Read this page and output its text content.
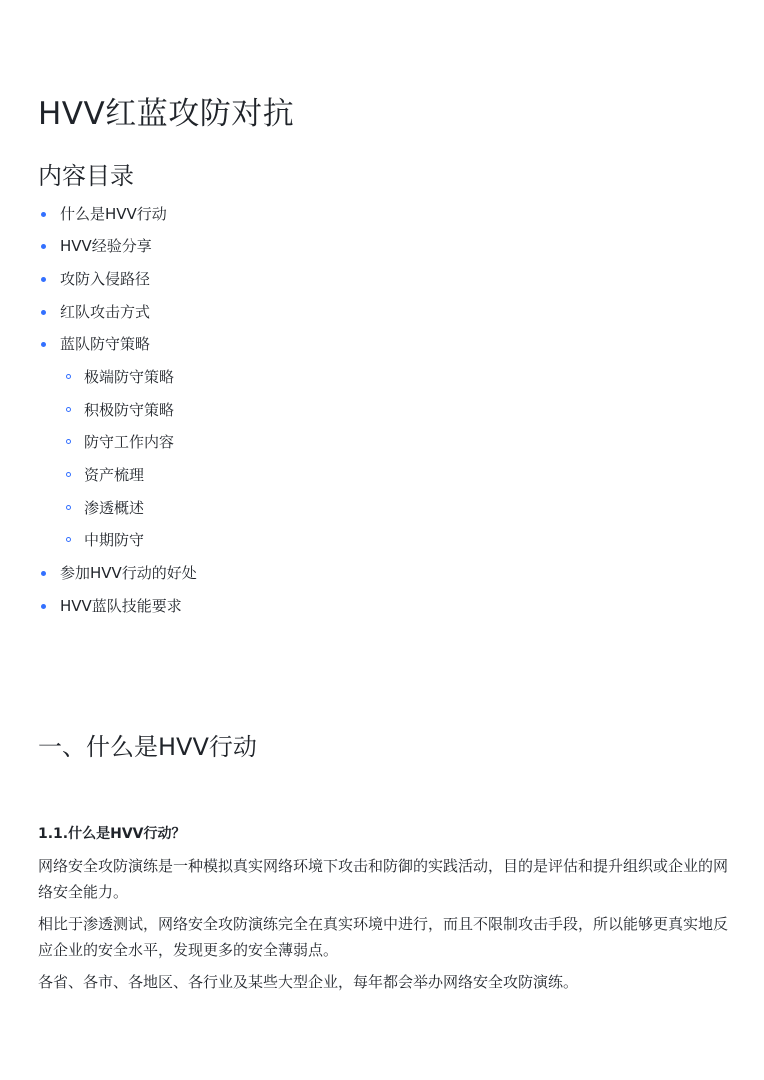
HVV红蓝攻防对抗
内容目录
什么是HVV行动
HVV经验分享
攻防入侵路径
红队攻击方式
蓝队防守策略
极端防守策略
积极防守策略
防守工作内容
资产梳理
渗透概述
中期防守
参加HVV行动的好处
HVV蓝队技能要求
一、什么是HVV行动
1.1.什么是HVV行动？

网络安全攻防演练是一种模拟真实网络环境下攻击和防御的实践活动，目的是评估和提升组织或企业的网络安全能力。

相比于渗透测试，网络安全攻防演练完全在真实环境中进行，而且不限制攻击手段，所以能够更真实地反应企业的安全水平，发现更多的安全薄弱点。

各省、各市、各地区、各行业及某些大型企业，每年都会举办网络安全攻防演练。
